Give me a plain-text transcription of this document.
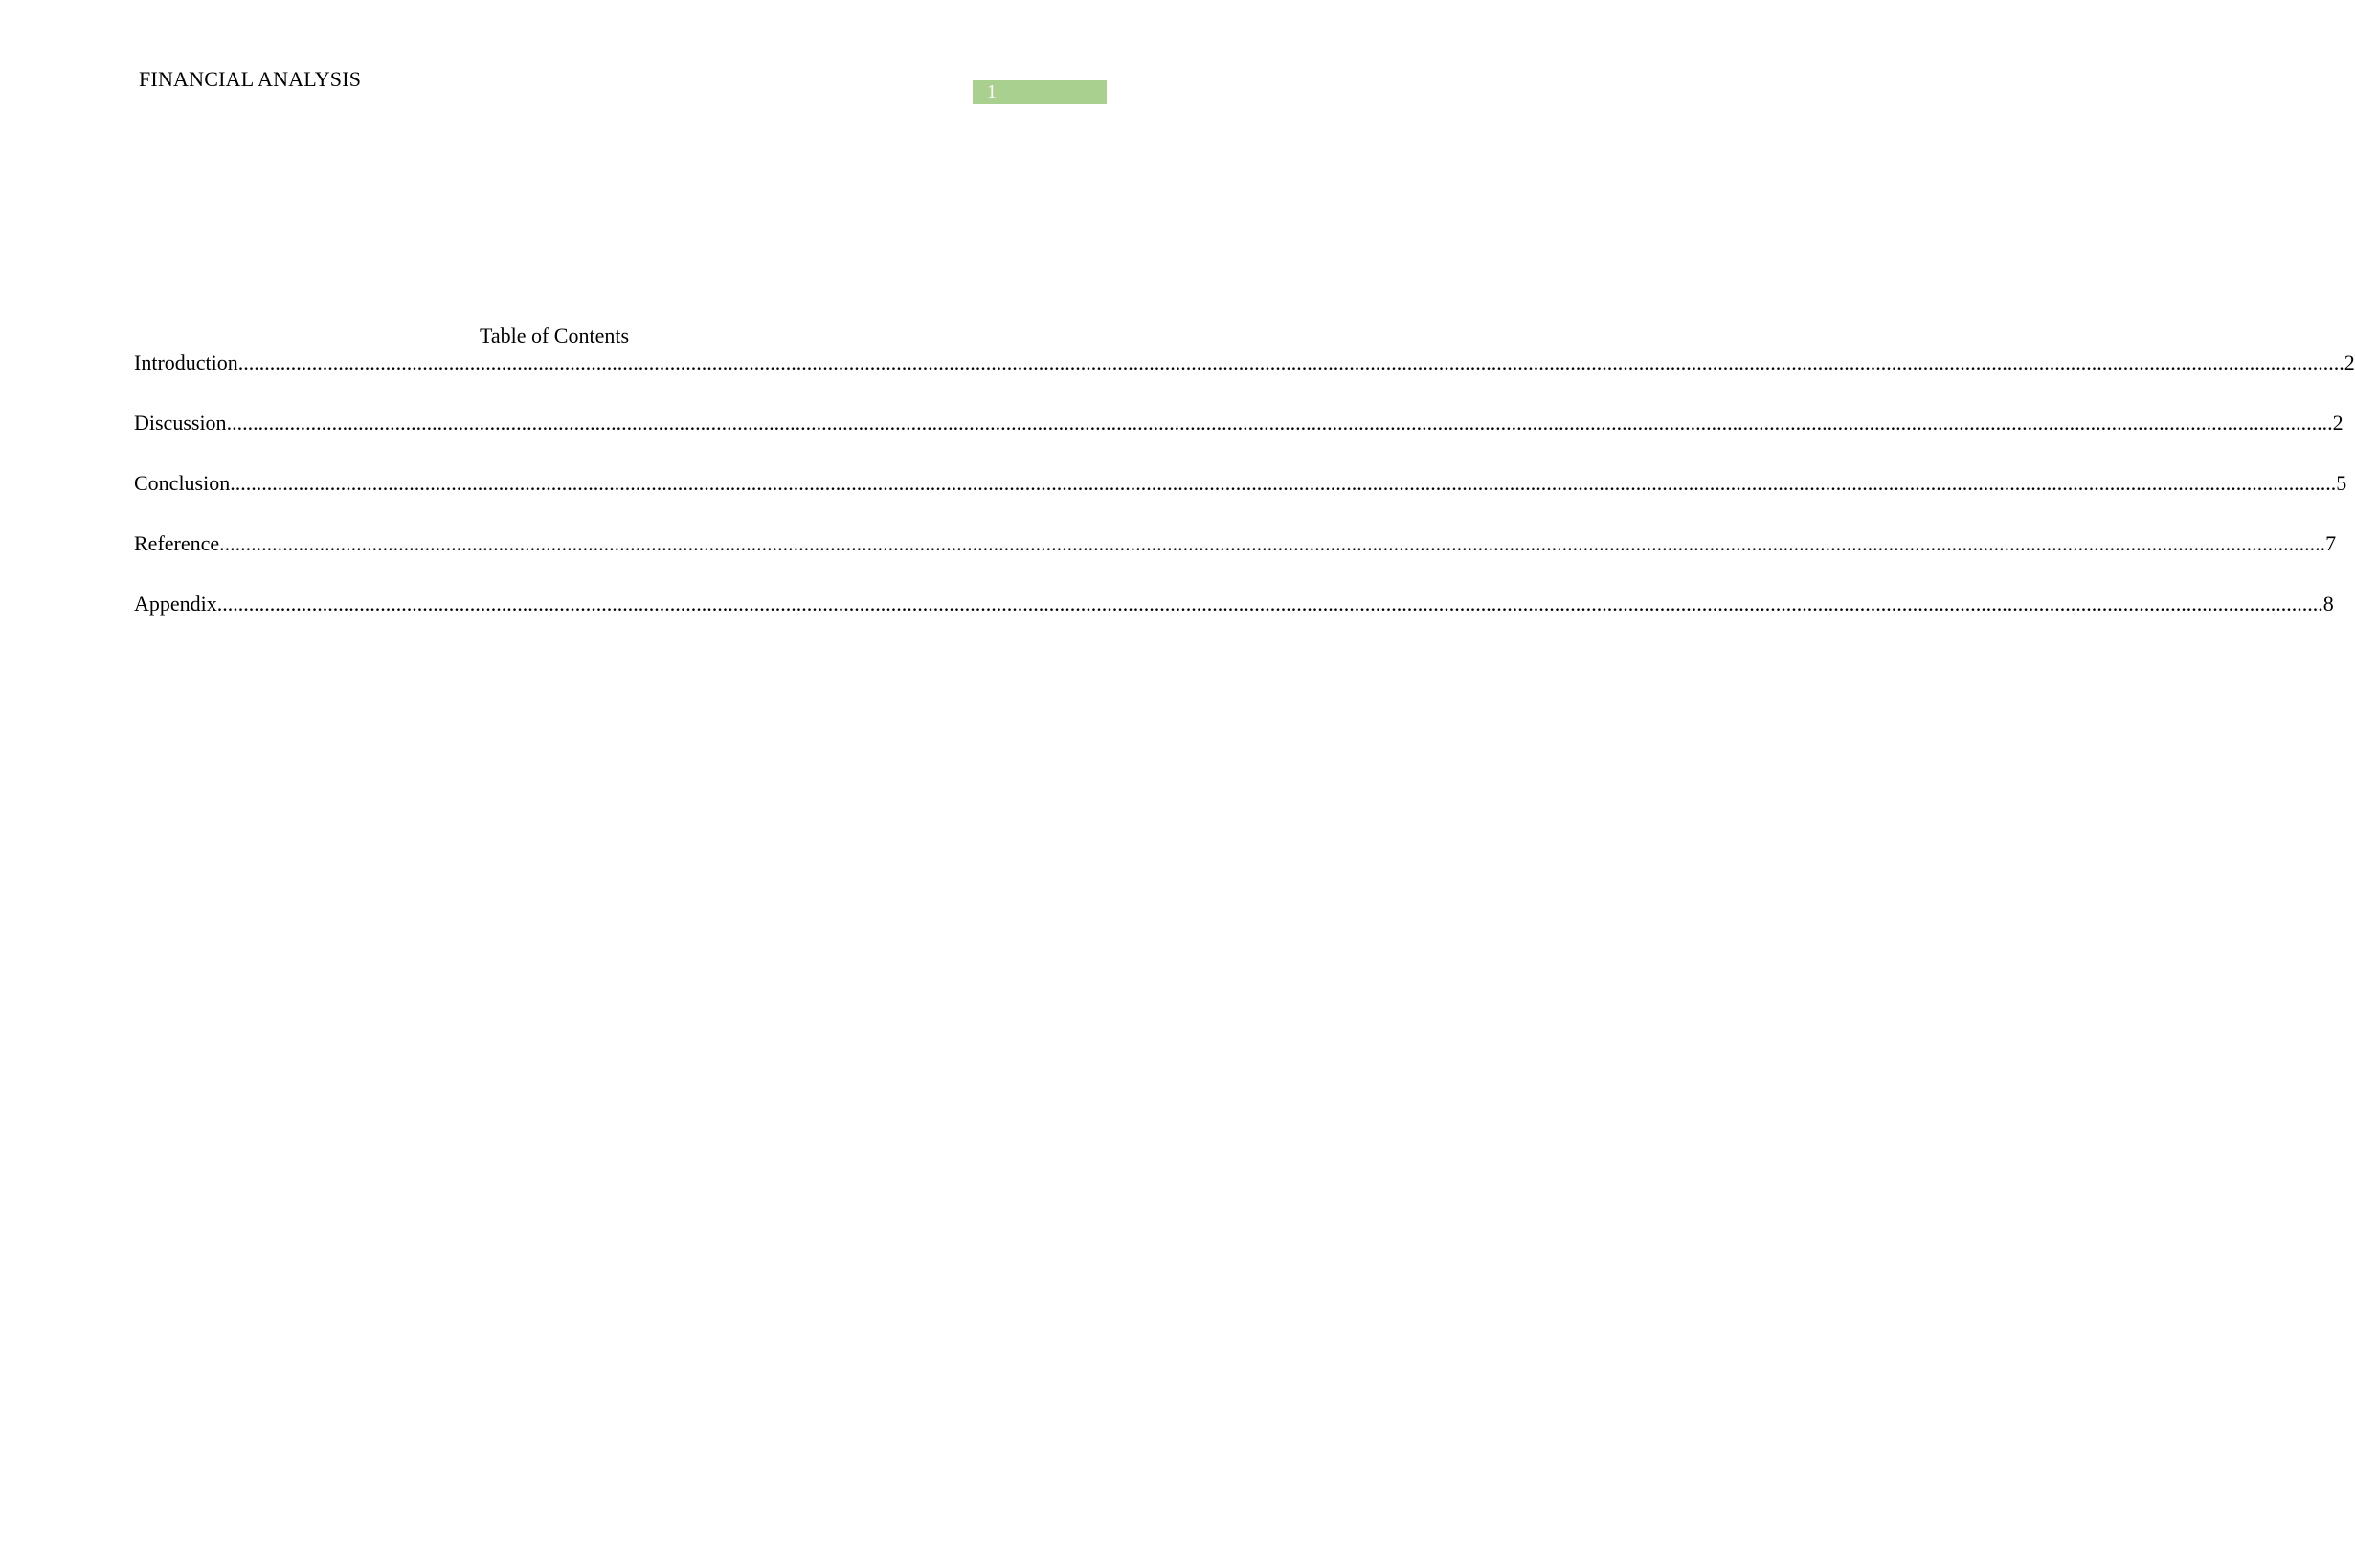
FINANCIAL ANALYSIS
1
Table of Contents
Introduction ................................................................................................................................................................................................................................................................................................................................................................................................................ 2
Discussion ................................................................................................................................................................................................................................................................................................................................................................................................................ 2
Conclusion ................................................................................................................................................................................................................................................................................................................................................................................................................ 5
Reference ................................................................................................................................................................................................................................................................................................................................................................................................................ 7
Appendix ................................................................................................................................................................................................................................................................................................................................................................................................................ 8
